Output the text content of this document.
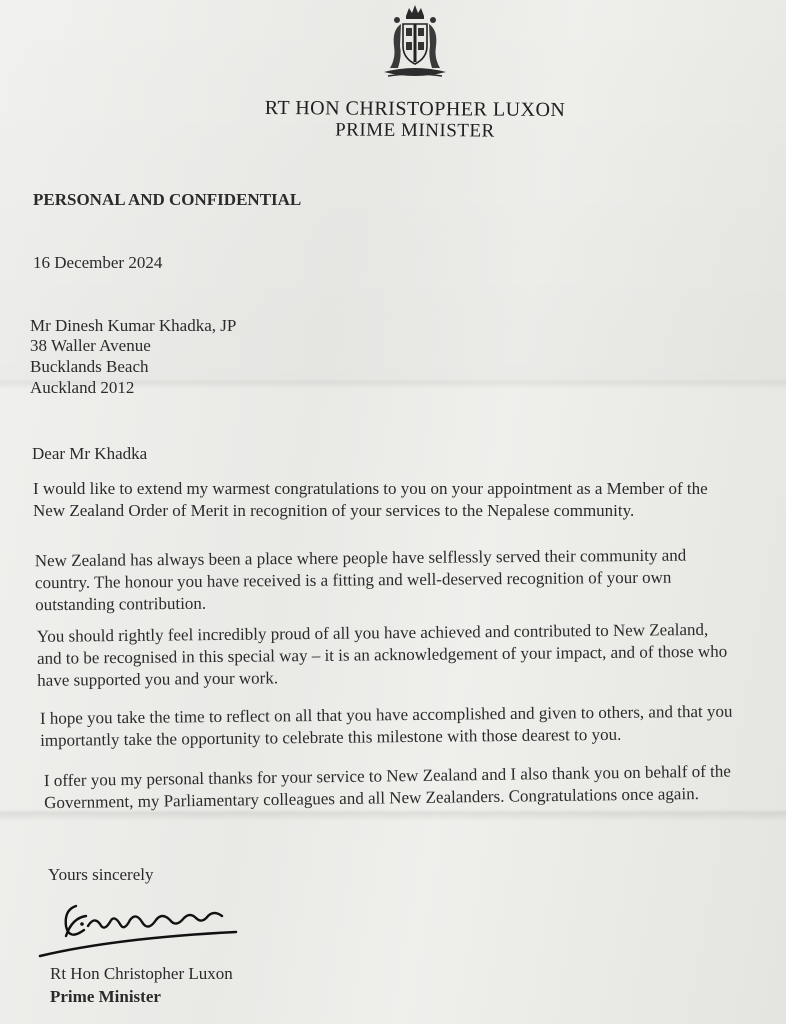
RT HON CHRISTOPHER LUXON
PRIME MINISTER
PERSONAL AND CONFIDENTIAL
16 December 2024
Mr Dinesh Kumar Khadka, JP
38 Waller Avenue
Bucklands Beach
Auckland 2012
Dear Mr Khadka
I would like to extend my warmest congratulations to you on your appointment as a Member of the
New Zealand Order of Merit in recognition of your services to the Nepalese community.
New Zealand has always been a place where people have selflessly served their community and
country. The honour you have received is a fitting and well-deserved recognition of your own
outstanding contribution.
You should rightly feel incredibly proud of all you have achieved and contributed to New Zealand,
and to be recognised in this special way – it is an acknowledgement of your impact, and of those who
have supported you and your work.
I hope you take the time to reflect on all that you have accomplished and given to others, and that you
importantly take the opportunity to celebrate this milestone with those dearest to you.
I offer you my personal thanks for your service to New Zealand and I also thank you on behalf of the
Government, my Parliamentary colleagues and all New Zealanders. Congratulations once again.
Yours sincerely
Rt Hon Christopher Luxon
Prime Minister
